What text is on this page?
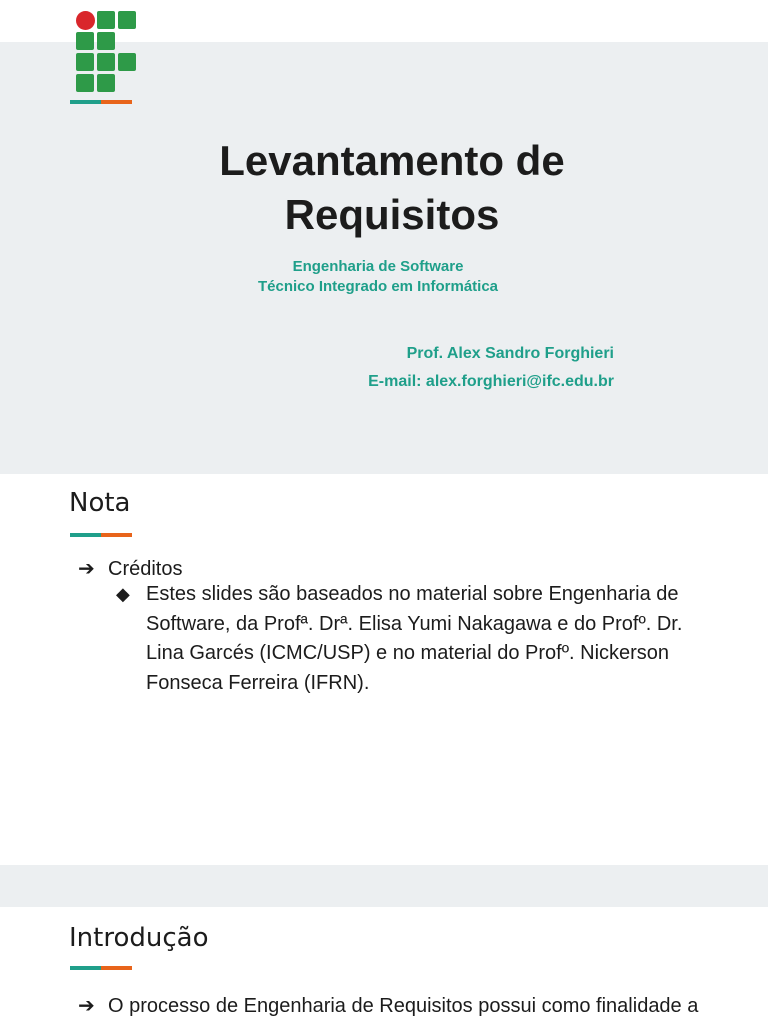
Levantamento de
Requisitos
Engenharia de Software
Técnico Integrado em Informática
Prof. Alex Sandro Forghieri
E-mail: alex.forghieri@ifc.edu.br
Nota
➔ Créditos
◆ Estes slides são baseados no material sobre Engenharia de Software, da Profª. Drª. Elisa Yumi Nakagawa e do Profº. Dr. Lina Garcés (ICMC/USP) e no material do Profº. Nickerson Fonseca Ferreira (IFRN).
Introdução
➔ O processo de Engenharia de Requisitos possui como finalidade a
